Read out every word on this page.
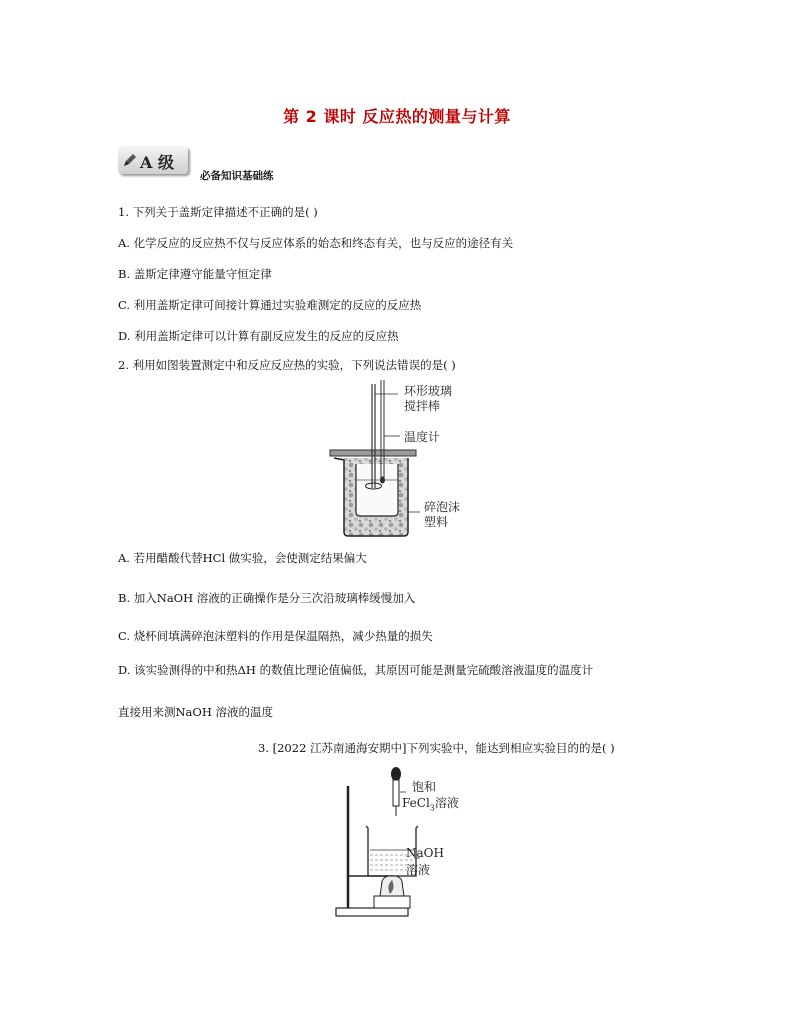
第 2 课时 反应热的测量与计算
A 级
必备知识基础练
1. 下列关于盖斯定律描述不正确的是( )
A. 化学反应的反应热不仅与反应体系的始态和终态有关，也与反应的途径有关
B. 盖斯定律遵守能量守恒定律
C. 利用盖斯定律可间接计算通过实验难测定的反应的反应热
D. 利用盖斯定律可以计算有副反应发生的反应的反应热
2. 利用如图装置测定中和反应反应热的实验，下列说法错误的是( )
环形玻璃
搅拌棒
温度计
碎泡沫
塑料
A. 若用醋酸代替HCl 做实验，会使测定结果偏大
B. 加入NaOH 溶液的正确操作是分三次沿玻璃棒缓慢加入
C. 烧杯间填满碎泡沫塑料的作用是保温隔热，减少热量的损失
D. 该实验测得的中和热ΔH 的数值比理论值偏低，其原因可能是测量完硫酸溶液温度的温度计
直接用来测NaOH 溶液的温度
3. [2022 江苏南通海安期中]下列实验中，能达到相应实验目的的是( )
饱和
FeCl$_3$溶液
NaOH
溶液
